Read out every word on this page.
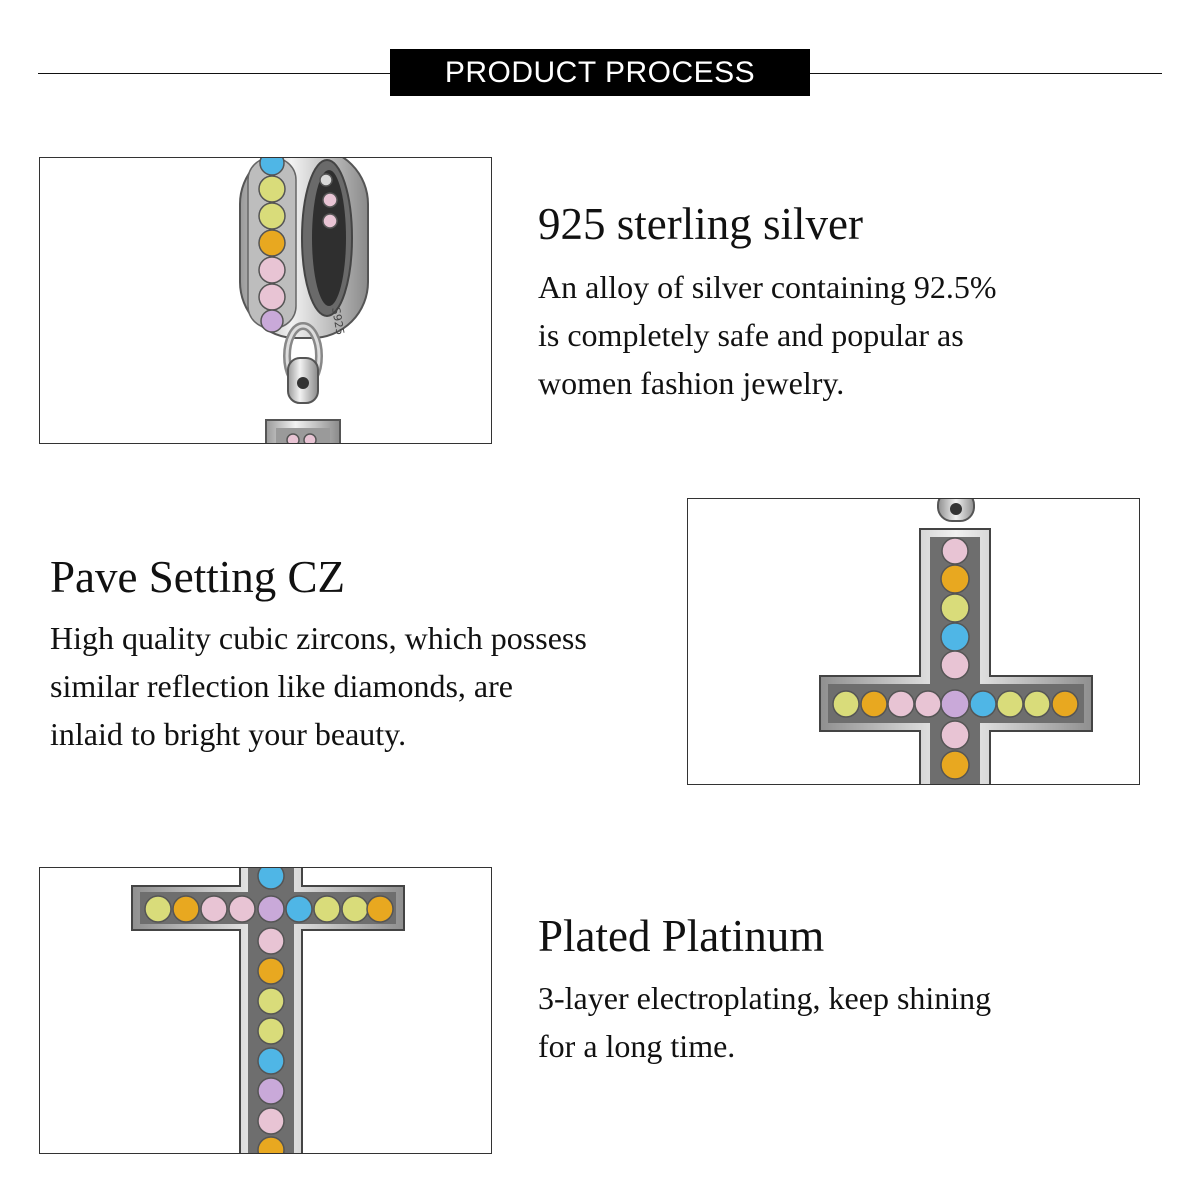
PRODUCT PROCESS
S925
925 sterling silver
An alloy of silver containing 92.5%
is completely safe and popular as
women fashion jewelry.
Pave Setting CZ
High quality cubic zircons, which possess
similar reflection like diamonds, are
inlaid to bright your beauty.
Plated Platinum
3-layer electroplating, keep shining
for a long time.
